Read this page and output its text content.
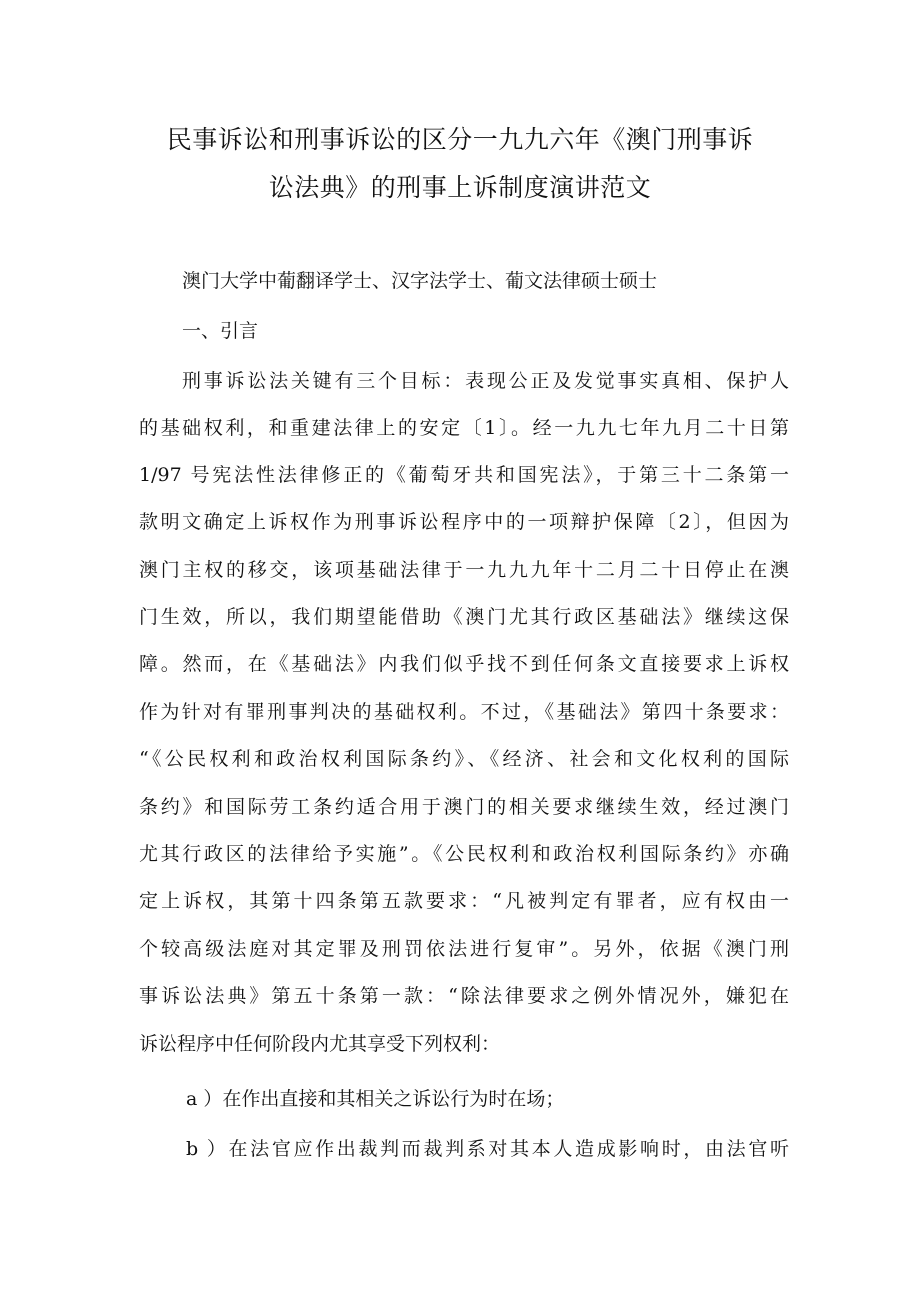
民事诉讼和刑事诉讼的区分一九九六年《澳门刑事诉
讼法典》的刑事上诉制度演讲范文
澳门大学中葡翻译学士、汉字法学士、葡文法律硕士硕士
一、引言
刑事诉讼法关键有三个目标：表现公正及发觉事实真相、保护人
的基础权利，和重建法律上的安定〔1〕。经一九九七年九月二十日第
1/97 号宪法性法律修正的《葡萄牙共和国宪法》，于第三十二条第一
款明文确定上诉权作为刑事诉讼程序中的一项辩护保障〔2〕，但因为
澳门主权的移交，该项基础法律于一九九九年十二月二十日停止在澳
门生效，所以，我们期望能借助《澳门尤其行政区基础法》继续这保
障。然而，在《基础法》内我们似乎找不到任何条文直接要求上诉权
作为针对有罪刑事判决的基础权利。不过，《基础法》第四十条要求：
“《公民权利和政治权利国际条约》、《经济、社会和文化权利的国际
条约》和国际劳工条约适合用于澳门的相关要求继续生效，经过澳门
尤其行政区的法律给予实施”。《公民权利和政治权利国际条约》亦确
定上诉权，其第十四条第五款要求：“凡被判定有罪者，应有权由一
个较高级法庭对其定罪及刑罚依法进行复审”。另外，依据《澳门刑
事诉讼法典》第五十条第一款：“除法律要求之例外情况外，嫌犯在
诉讼程序中任何阶段内尤其享受下列权利：
a ）在作出直接和其相关之诉讼行为时在场；
b ）在法官应作出裁判而裁判系对其本人造成影响时，由法官听
